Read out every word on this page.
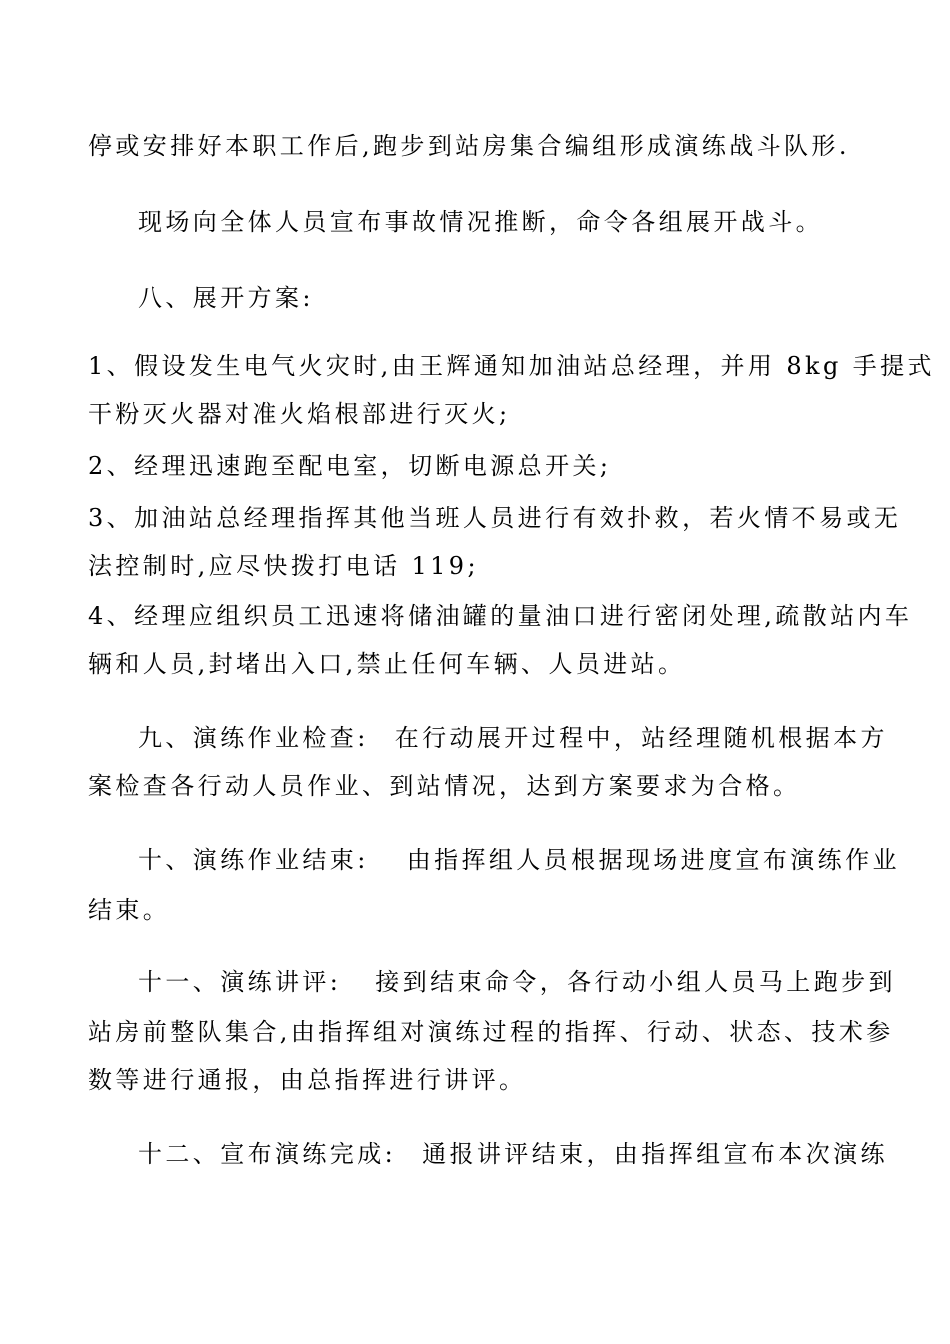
停或安排好本职工作后,跑步到站房集合编组形成演练战斗队形.
现场向全体人员宣布事故情况推断，命令各组展开战斗。
八、展开方案:
1、假设发生电气火灾时,由王辉通知加油站总经理，并用 8kg 手提式
干粉灭火器对准火焰根部进行灭火;
2、经理迅速跑至配电室，切断电源总开关;
3、加油站总经理指挥其他当班人员进行有效扑救，若火情不易或无
法控制时,应尽快拨打电话 119;
4、经理应组织员工迅速将储油罐的量油口进行密闭处理,疏散站内车
辆和人员,封堵出入口,禁止任何车辆、人员进站。
九、演练作业检查: 在行动展开过程中，站经理随机根据本方
案检查各行动人员作业、到站情况，达到方案要求为合格。
十、演练作业结束: 由指挥组人员根据现场进度宣布演练作业
结束。
十一、演练讲评: 接到结束命令，各行动小组人员马上跑步到
站房前整队集合,由指挥组对演练过程的指挥、行动、状态、技术参
数等进行通报，由总指挥进行讲评。
十二、宣布演练完成: 通报讲评结束，由指挥组宣布本次演练
